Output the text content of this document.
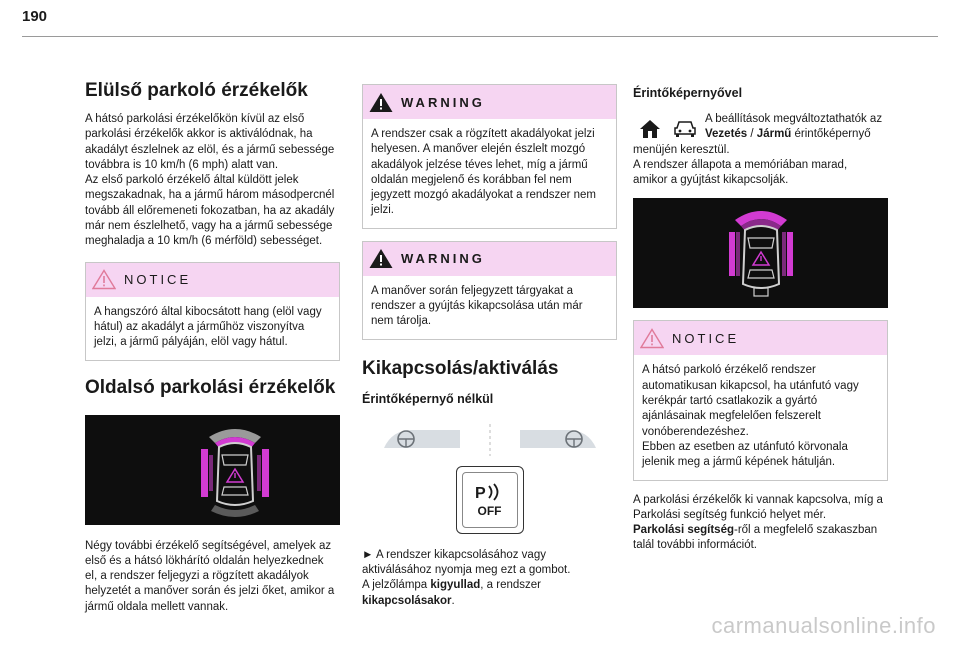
190
Elülső parkoló érzékelők

A hátsó parkolási érzékelőkön kívül az első
parkolási érzékelők akkor is aktiválódnak, ha
akadályt észlelnek az elöl, és a jármű sebessége
továbbra is 10 km/h (6 mph) alatt van.
Az első parkoló érzékelő által küldött jelek
megszakadnak, ha a jármű három másodpercnél
tovább áll előremeneti fokozatban, ha az akadály
már nem észlelhető, vagy ha a jármű sebessége
meghaladja a 10 km/h (6 mérföld) sebességet.

NOTICE

A hangszóró által kibocsátott hang (elöl vagy
hátul) az akadályt a járműhöz viszonyítva
jelzi, a jármű pályáján, elöl vagy hátul.

Oldalsó parkolási érzékelők

Négy további érzékelő segítségével, amelyek az
első és a hátsó lökhárító oldalán helyezkednek
el, a rendszer feljegyzi a rögzített akadályok
helyzetét a manőver során és jelzi őket, amikor a
jármű oldala mellett vannak.

WARNING

A rendszer csak a rögzített akadályokat jelzi
helyesen. A manőver elején észlelt mozgó
akadályok jelzése téves lehet, míg a jármű
oldalán megjelenő és korábban fel nem
jegyzett mozgó akadályokat a rendszer nem
jelzi.

WARNING

A manőver során feljegyzett tárgyakat a
rendszer a gyújtás kikapcsolása után már
nem tárolja.

Kikapcsolás/aktiválás
Érintőképernyő nélkül
P
OFF

► A rendszer kikapcsolásához vagy
aktiválásához nyomja meg ezt a gombot.
A jelzőlámpa kigyullad, a rendszer
kikapcsolásakor.

Érintőképernyővel

A beállítások megváltoztathatók az
Vezetés / Jármű érintőképernyő

menüjén keresztül.
A rendszer állapota a memóriában marad,
amikor a gyújtást kikapcsolják.

NOTICE

A hátsó parkoló érzékelő rendszer
automatikusan kikapcsol, ha utánfutó vagy
kerékpár tartó csatlakozik a gyártó
ajánlásainak megfelelően felszerelt
vonóberendezéshez.
Ebben az esetben az utánfutó körvonala
jelenik meg a jármű képének hátulján.

A parkolási érzékelők ki vannak kapcsolva, míg a
Parkolási segítség funkció helyet mér.
Parkolási segítség-ről a megfelelő szakaszban
talál további információt.

carmanualsonline.info
